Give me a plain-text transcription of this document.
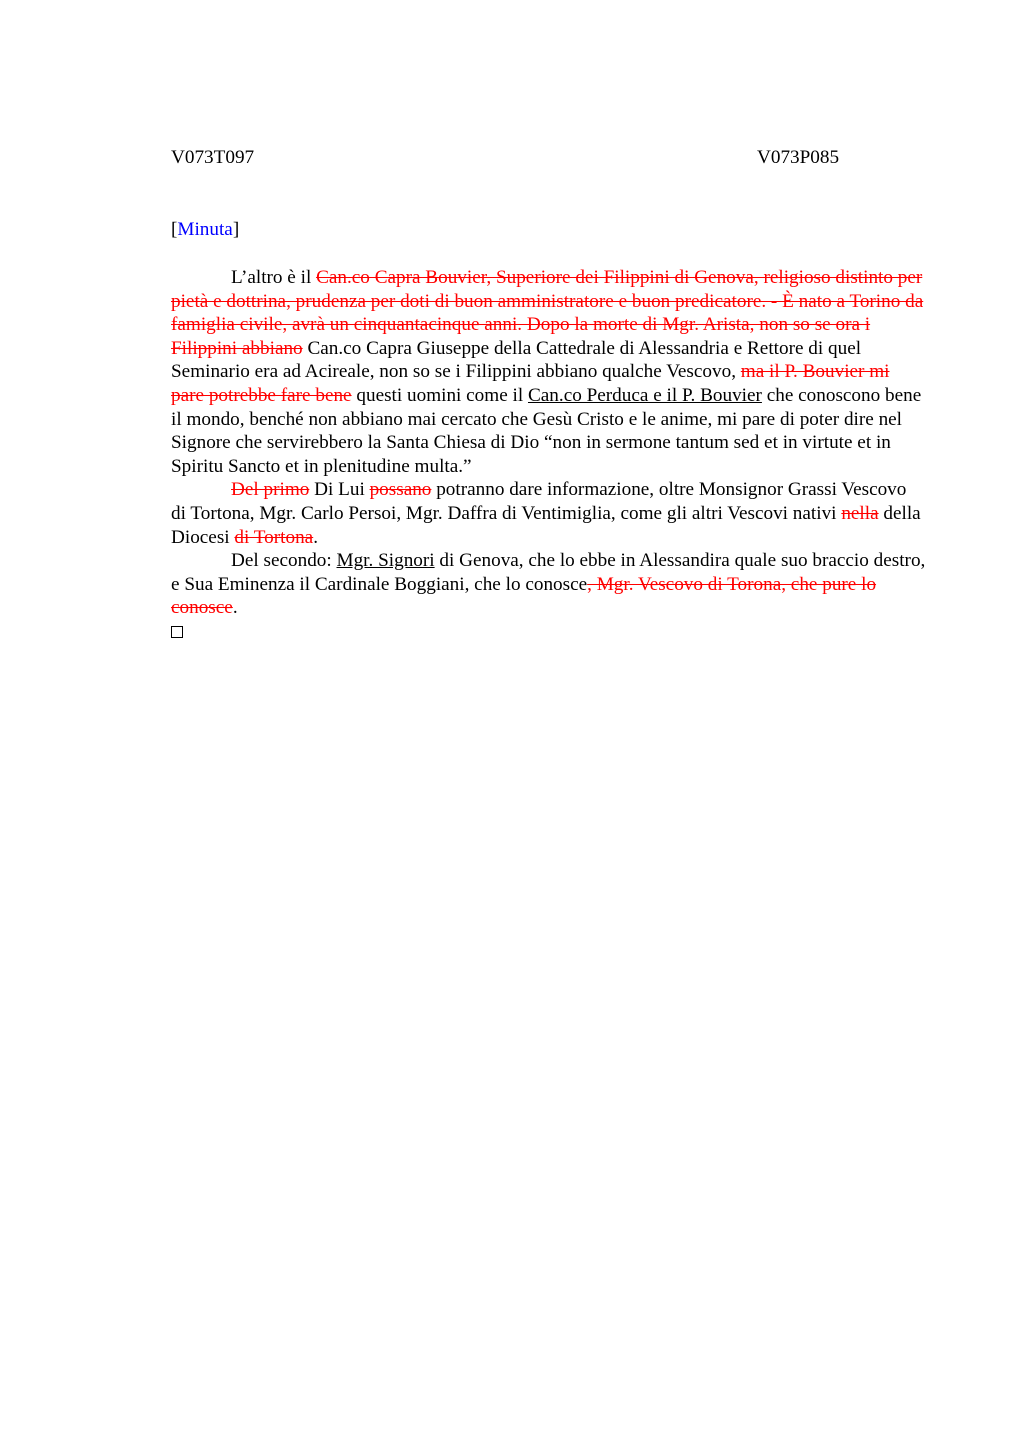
V073T097	V073P085
[Minuta]

L’altro è il Can.co Capra Bouvier, Superiore dei Filippini di Genova, religioso distinto per pietà e dottrina, prudenza per doti di buon amministratore e buon predicatore. - È nato a Torino da famiglia civile, avrà un cinquantacinque anni. Dopo la morte di Mgr. Arista, non so se ora i Filippini abbiano Can.co Capra Giuseppe della Cattedrale di Alessandria e Rettore di quel Seminario era ad Acireale, non so se i Filippini abbiano qualche Vescovo, ma il P. Bouvier mi pare potrebbe fare bene questi uomini come il Can.co Perduca e il P. Bouvier che conoscono bene il mondo, benché non abbiano mai cercato che Gesù Cristo e le anime, mi pare di poter dire nel Signore che servirebbero la Santa Chiesa di Dio “non in sermone tantum sed et in virtute et in Spiritu Sancto et in plenitudine multa.”

Del primo Di Lui possano potranno dare informazione, oltre Monsignor Grassi Vescovo di Tortona, Mgr. Carlo Persoi, Mgr. Daffra di Ventimiglia, come gli altri Vescovi nativi nella della Diocesi di Tortona.

Del secondo: Mgr. Signori di Genova, che lo ebbe in Alessandira quale suo braccio destro, e Sua Eminenza il Cardinale Boggiani, che lo conosce, Mgr. Vescovo di Torona, che pure lo conosce.
